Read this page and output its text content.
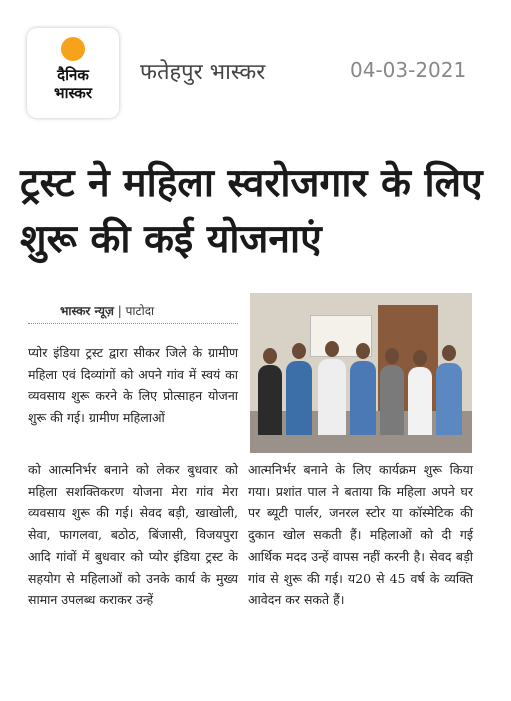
दैनिक
भास्कर
फतेहपुर भास्कर	04-03-2021
ट्रस्ट ने महिला स्वरोजगार के लिए शुरू की कई योजनाएं
भास्कर न्यूज़ | पाटोदा
प्योर इंडिया ट्रस्ट द्वारा सीकर जिले के ग्रामीण महिला एवं दिव्यांगों को अपने गांव में स्वयं का व्यवसाय शुरू करने के लिए प्रोत्साहन योजना शुरू की गई। ग्रामीण महिलाओं
को आत्मनिर्भर बनाने को लेकर बुधवार को महिला सशक्तिकरण योजना मेरा गांव मेरा व्यवसाय शुरू की गई। सेवद बड़ी, खाखोली, सेवा, फागलवा, बठोठ, बिंजासी, विजयपुरा आदि गांवों में बुधवार को प्योर इंडिया ट्रस्ट के सहयोग से महिलाओं को उनके कार्य के मुख्य सामान उपलब्ध कराकर उन्हें
आत्मनिर्भर बनाने के लिए कार्यक्रम शुरू किया गया। प्रशांत पाल ने बताया कि महिला अपने घर पर ब्यूटी पार्लर, जनरल स्टोर या कॉस्मेटिक की दुकान खोल सकती हैं। महिलाओं को दी गई आर्थिक मदद उन्हें वापस नहीं करनी है। सेवद बड़ी गांव से शुरू की गई। य20 से 45 वर्ष के व्यक्ति आवेदन कर सकते हैं।
